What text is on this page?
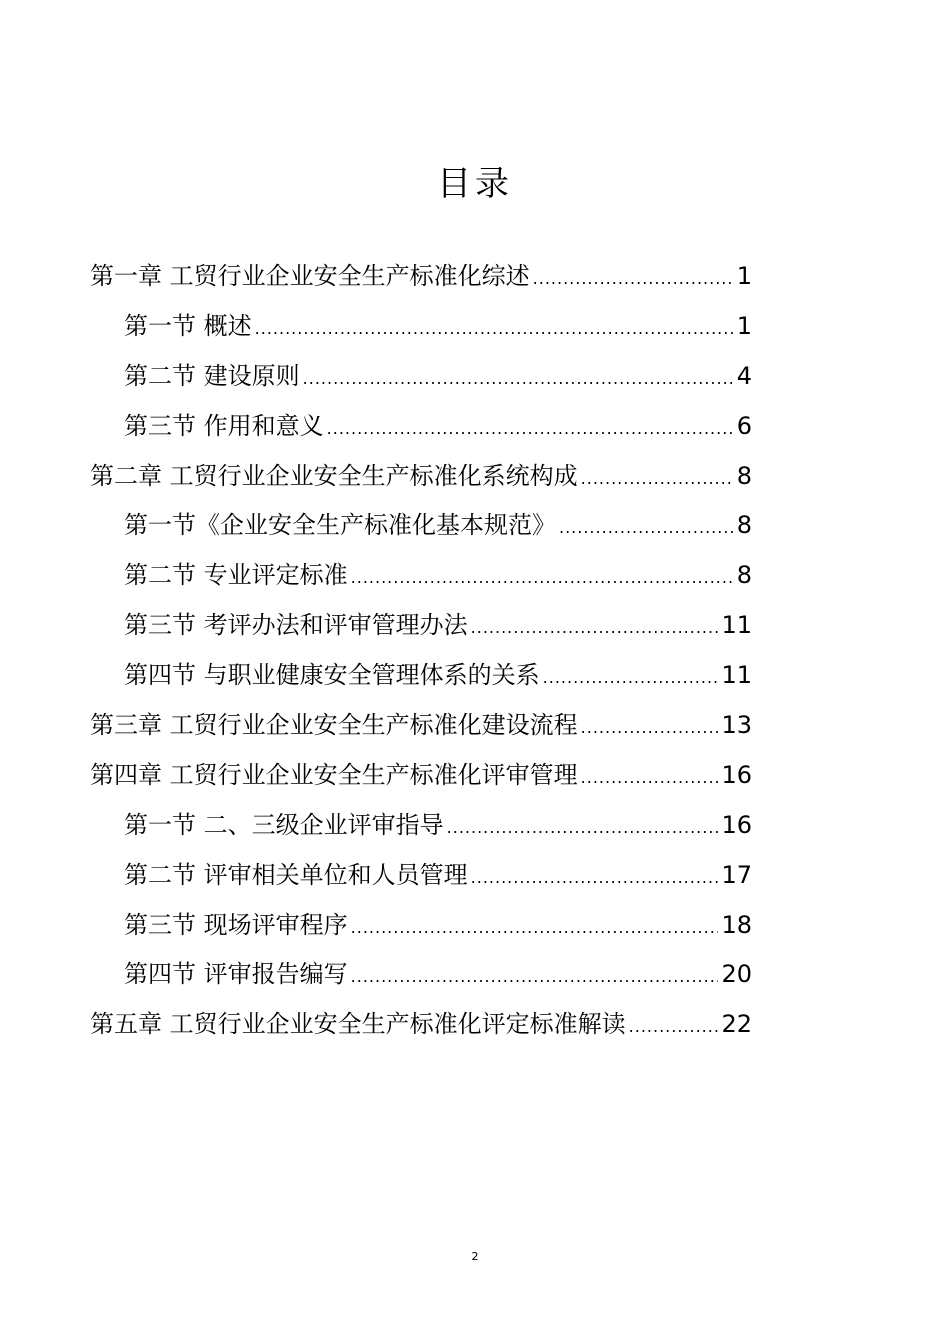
目录
第一章 工贸行业企业安全生产标准化综述 .....	1
第一节 概述 .....	1
第二节 建设原则 .....	4
第三节 作用和意义 .....	6
第二章 工贸行业企业安全生产标准化系统构成 .....	8
第一节《企业安全生产标准化基本规范》 .....	8
第二节 专业评定标准 .....	8
第三节 考评办法和评审管理办法 .....	11
第四节 与职业健康安全管理体系的关系 .....	11
第三章 工贸行业企业安全生产标准化建设流程 .....	13
第四章 工贸行业企业安全生产标准化评审管理 .....	16
第一节 二、三级企业评审指导 .....	16
第二节 评审相关单位和人员管理 .....	17
第三节 现场评审程序 .....	18
第四节 评审报告编写 .....	20
第五章 工贸行业企业安全生产标准化评定标准解读 .....	22
2
